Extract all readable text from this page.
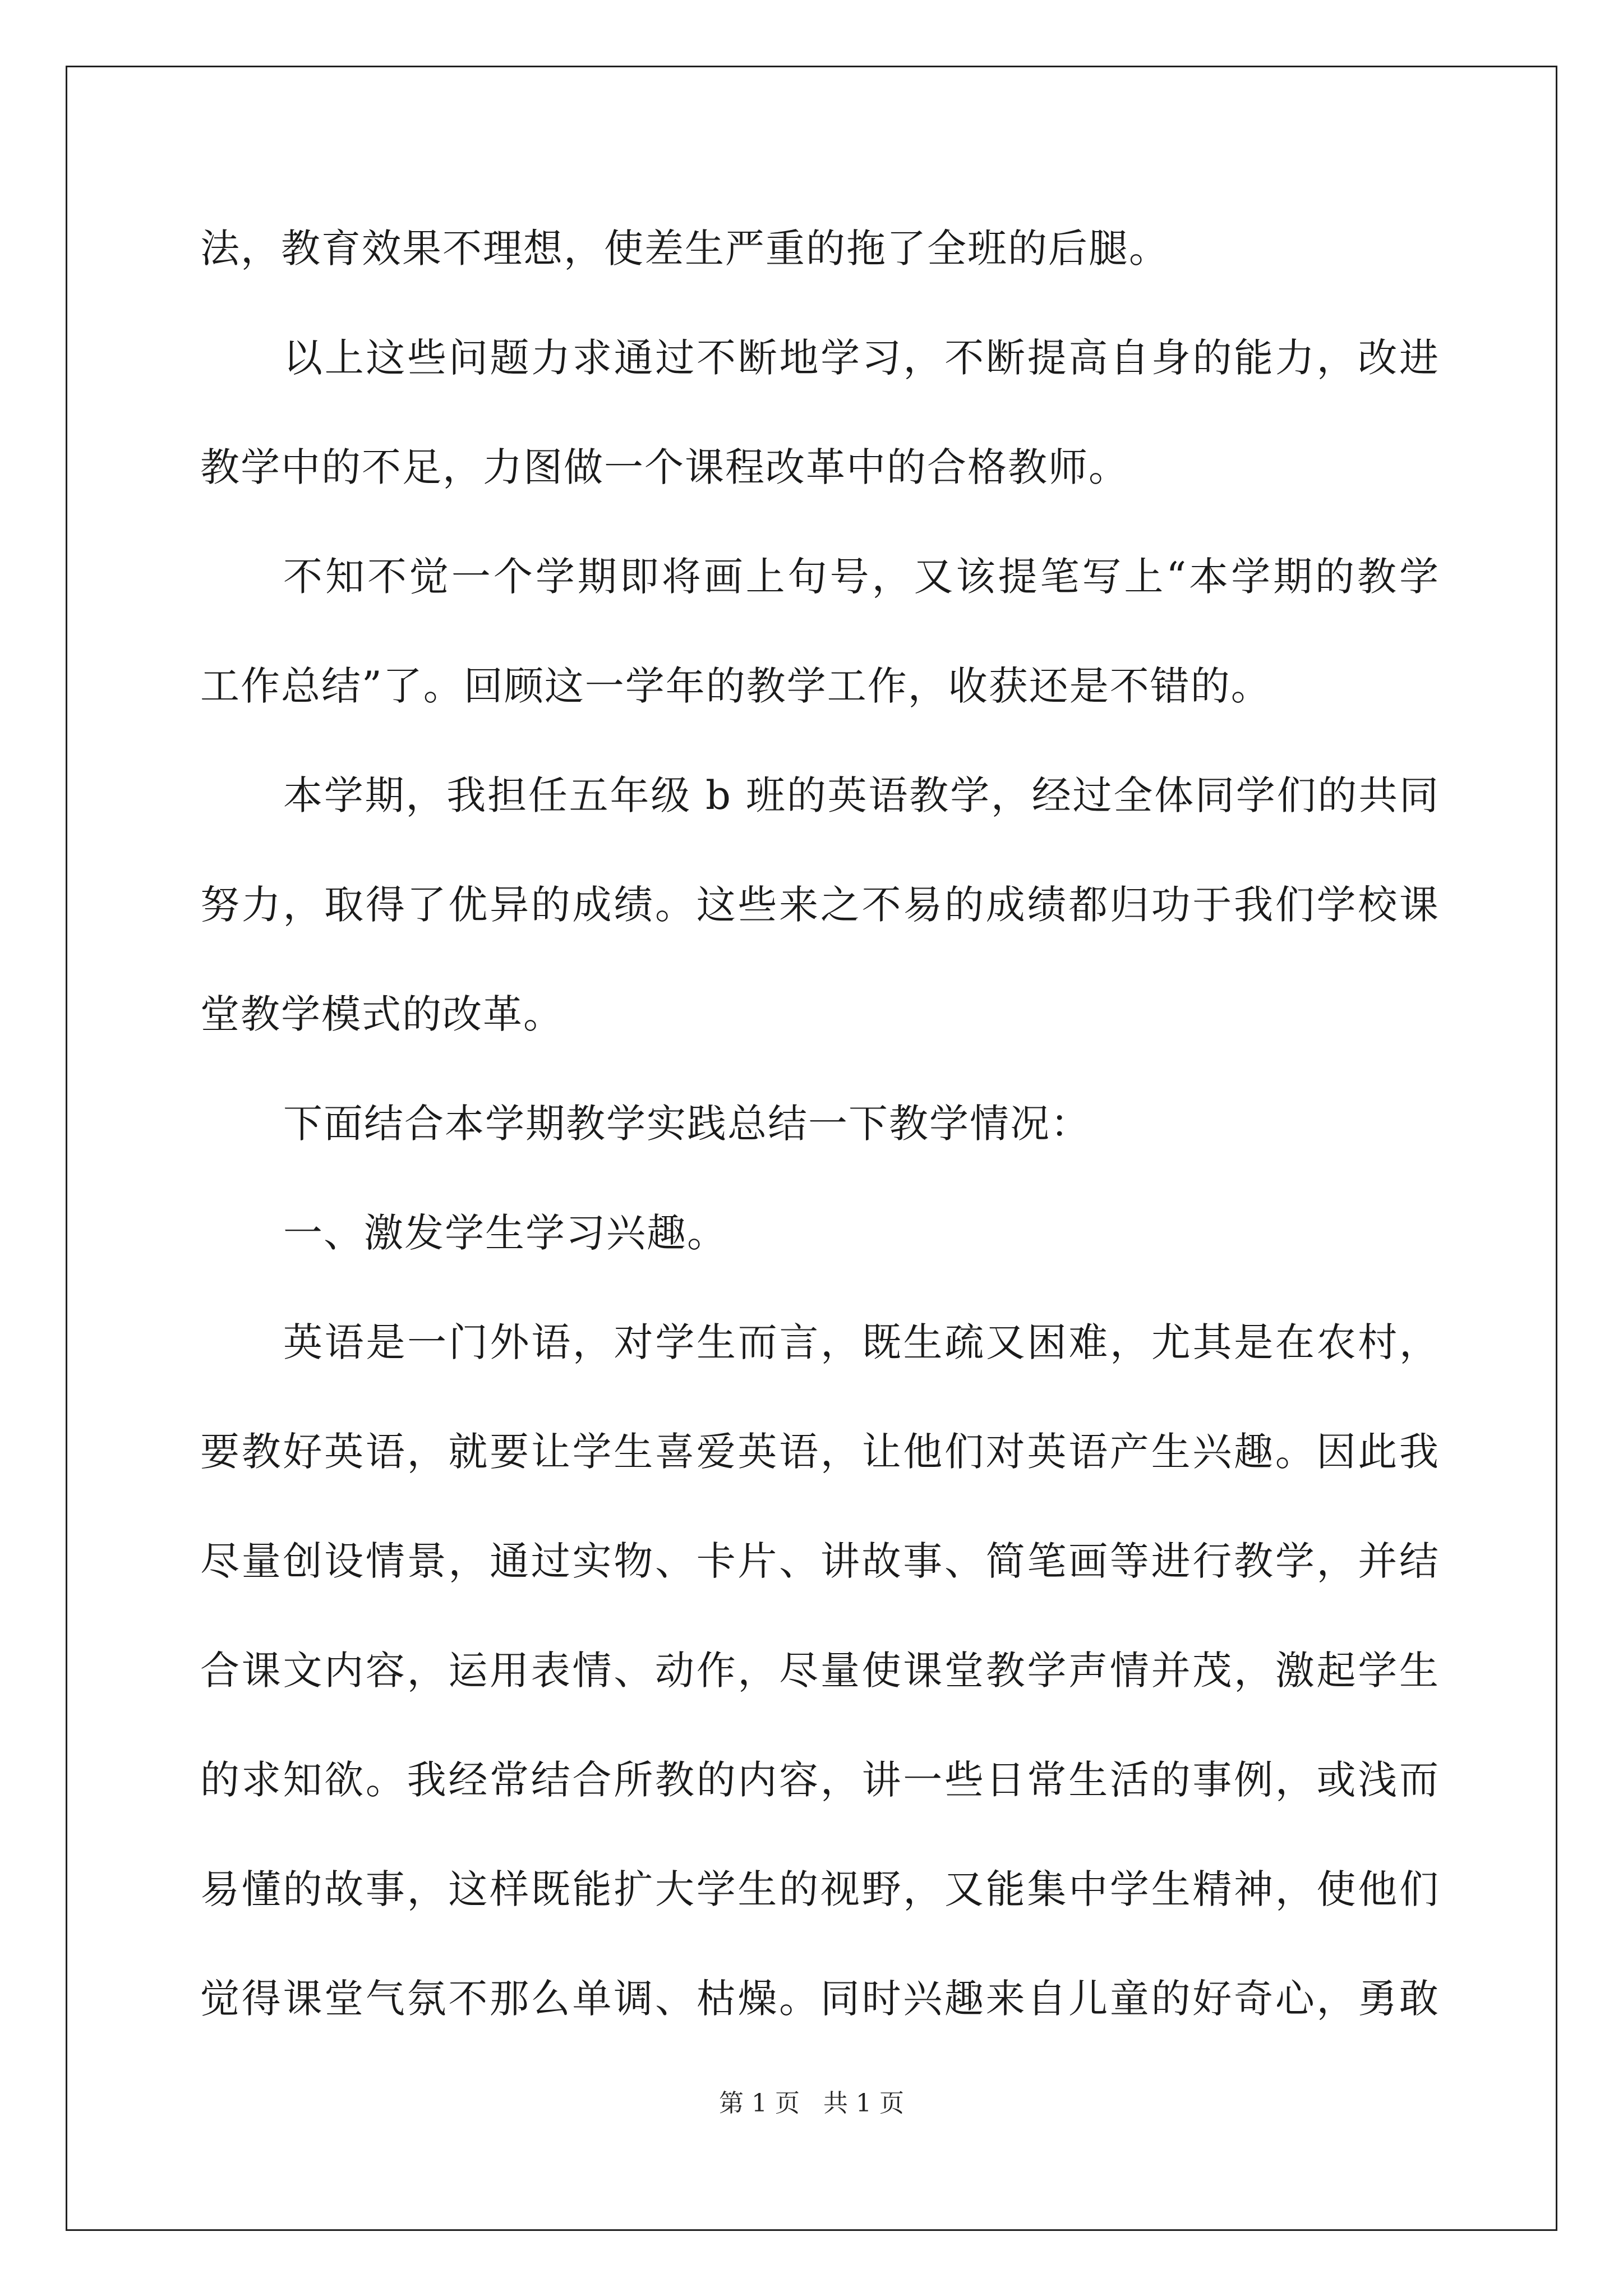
法，教育效果不理想，使差生严重的拖了全班的后腿。
以上这些问题力求通过不断地学习，不断提高自身的能力，改进
教学中的不足，力图做一个课程改革中的合格教师。
不知不觉一个学期即将画上句号，又该提笔写上“本学期的教学
工作总结”了。回顾这一学年的教学工作，收获还是不错的。
本学期，我担任五年级 b 班的英语教学，经过全体同学们的共同
努力，取得了优异的成绩。这些来之不易的成绩都归功于我们学校课
堂教学模式的改革。
下面结合本学期教学实践总结一下教学情况：
一、激发学生学习兴趣。
英语是一门外语，对学生而言，既生疏又困难，尤其是在农村，
要教好英语，就要让学生喜爱英语，让他们对英语产生兴趣。因此我
尽量创设情景，通过实物、卡片、讲故事、简笔画等进行教学，并结
合课文内容，运用表情、动作，尽量使课堂教学声情并茂，激起学生
的求知欲。我经常结合所教的内容，讲一些日常生活的事例，或浅而
易懂的故事，这样既能扩大学生的视野，又能集中学生精神，使他们
觉得课堂气氛不那么单调、枯燥。同时兴趣来自儿童的好奇心，勇敢
第 1 页 共 1 页
